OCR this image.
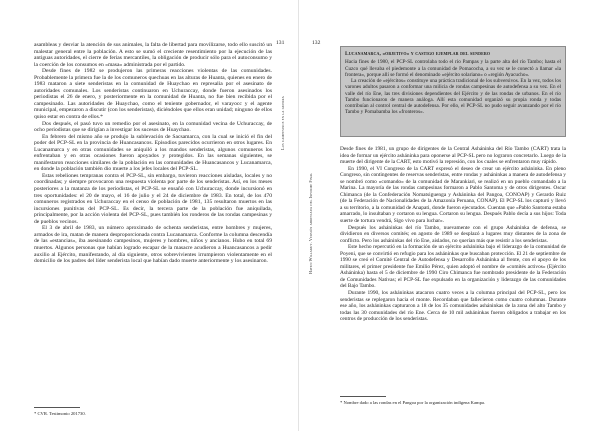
asambleas y desviar la atención de sus animales, la falta de libertad para movilizarse, todo ello suscitó un malestar general entre la población. A esto se sumó el creciente resentimiento por la ejecución de las antiguas autoridades, el cierre de ferias mercantiles, la obligación de producir sólo para el autoconsumo y la coerción de los consumos en «masa» administrada por el partido.

Desde fines de 1982 se produjeron las primeras reacciones violentas de las comunidades. Probablemente la primera fue la de los comuneros quechuas en las alturas de Huanta, quienes en enero de 1983 mataron a siete senderistas en la comunidad de Huaychao en represalia por el asesinato de autoridades comunales. Los senderistas continuaron en Uchuraccay, donde fueron asesinados los periodistas el 26 de enero, y posteriormente en la comunidad de Huanta, no fue bien recibida por el campesinado. Las autoridades de Huaychao, como el teniente gobernador, el varayocc y el agente municipal, empezaron a discutir (con los senderistas), diciéndoles que ellos eran unidad; ninguno de ellos quiso estar en contra de ellos.*

Dos después, el pasó tuvo un remedio por el asesinato, en la comunidad vecina de Uchuraccay, de ocho periodistas que se dirigían a investigar los sucesos de Huaychao.

En febrero del mismo año se produjo la sublevación de Sacsamarca, con la cual se inició el fin del poder del PCP-SL en la provincia de Huancasancos. Episodios parecidos ocurrieron en otros lugares. En Lucanamarca y en otras comunidades se aniquiló a los mandos senderistas, algunos comuneros los enfrentaban y en otras ocasiones fueron apoyados y protegidos. En las semanas siguientes, se manifestaron reacciones similares de la población en las comunidades de Huancasancos y Lucanamarca, en donde la población también dio muerte a los jefes locales del PCP-SL.

Estas rebeliones tempranas contra el PCP-SL, sin embargo, tuvieron reacciones aisladas, locales y no coordinadas; y siempre provocaron una respuesta violenta por parte de los senderistas. Así, en los meses posteriores a la matanza de los periodistas, el PCP-SL se ensañó con Uchuraccay, donde incursionó en tres oportunidades: el 20 de mayo, el 16 de julio y el 24 de diciembre de 1983. En total, de los 470 comuneros registrados en Uchuraccay en el censo de población de 1981, 135 resultaron muertos en las incursiones punitivas del PCP-SL. Es decir, la tercera parte de la población fue aniquilada, principalmente, por la acción violenta del PCP-SL, pues también los ronderos de las rondas campesinas y de pueblos vecinos.

El 3 de abril de 1983, un número aproximado de ochenta senderistas, entre hombres y mujeres, armados de ira, matan de manera desproporcionada contra Lucanamarca. Conforme la columna descendía de las «estancias», iba asesinando campesinos, mujeres y hombres, niños y ancianos. Hubo en total 69 muertos. Algunos personas que habían logrado escapar de la masacre acudieron a Huancasancos a pedir auxilio al Ejército, manifestando, al día siguiente, otros sobrevivientes irrumpieron violentamente en el domicilio de los padres del líder senderista local que habían dado muerte anteriormente y los asesinaron.

* CVR. Testimonio 201730.
131
Los campesinos en la guerra
132
Hatun Willakuy. Versión abreviada del Informe Final
Lucanamarca, «objetivo» y castigo ejemplar del sendero

Hacia fines de 1980, el PCP-SL controlaba todo el río Pampas y la parte alta del río Tambo; hasta el Cuzco qué llevaba el piedemonte a la comunidad de Pomacocha, a su vez se le conectó a llamar «la frontera», porque allí se formó el denominado «ejército solariano» o «región Ayacucho».

La creación de «ejércitos» constituye una práctica tradicional de los subversivos. En la vez, todos los varones adultos pasaron a conformar una milicia de rondas campesinas de autodefensa a su vez. En el valle del río Ene, las tres divisiones dependientes del Ejército y de las rondas de urbanos. En el río Tambo funcionaron de manera análoga. Allí esta comunidad organizó su propia ronda y todas contribuían al control central de autodefensa. Por ello, el PCP-SL no pudo seguir avanzando por el río Tambo y Pomabamba los «fronteros».

Desde fines de 1981, un grupo de dirigentes de la Central Asháninka del Río Tambo (CART) trata la idea de formar un ejército asháninka para oponerse al PCP-SL pero no lograron concretarlo. Luego de la muerte del dirigente de la CART, esto motivó la represión, con los cuales se enfrentaron muy rápido.

En 1990, el VI Congreso de la CART expresó el deseo de crear un ejército asháninka. En pleno Congreso, sin contingentes de reservas senderistas, entre rondas y asháninkas a manera de autodefensa y se nombró como «comando» de la comunidad de Marankiari, se realizó en un pueblo comandado a la Marina. La mayoría de las rondas campesinas formaron a Pablo Santoma y de otros dirigentes. Oscar Chimanca (de la Confederación Nomatsiguenga y Asháninka del Pangoa, CONOAP) y Gerardo Ruiz (de la Federación de Nacionalidades de la Amazonía Peruana, CONAP). El PCP-SL los capturó y llevó a su territorio, a la comunidad de Anapati, donde fueron ejecutados. Cuentan que «Pablo Santoma estaba amarrado, lo insultaban y cortaron su lengua. Cortaron su lengua. Después Pablo decía a sus hijos: Toda suerte de tortura vendrá, Sigo vivo para luchar».

Después los asháninkas del río Tambo, nuevamente con el grupo Asháninka de defensa, se dividieron en diversos comités; en agosto de 1989 se desplazó a lugares muy distantes de la zona de conflicto. Pero los asháninkas del río Ene, aislados, no querían más que resistir a los senderistas.

Este hecho repercutió en la formación de un ejército asháninka bajo el liderazgo de la comunidad de Poyeni, que se convirtió en refugio para los asháninkas que buscaban protección. El 21 de septiembre de 1990 se creó el Comité Central de Autodefensa y Desarrollo Asháninka al frente, con el apoyo de los militares, el primer presidente fue Emilio Pérez, quien adoptó el nombre de «comités activos» (Ejército Asháninka) hasta el 5 de diciembre de 1990 Ciro Chimanca fue nombrado presidente de la Federación de Comunidades Nativas; el PCP-SL fue expulsado en la organización y liderazgo de las comunidades del Bajo Tambo.

Durante 1990, los asháninkas atacaron cuatro veces a la columna principal del PCP-SL, pero los senderistas se replegaron hacia el monte. Recordaban que fallecieron como cuatro columnas. Durante ese año, los asháninkas capturaron a 18 de los 35 comunidades asháninkas de la zona del alto Tambo y todas las 30 comunidades del río Ene. Cerca de 10 mil asháninkas fueron obligados a trabajar en los centros de producción de los senderistas.

* Nombre dado a las rondas en el Pangoa por la organización indígena Kampa.
